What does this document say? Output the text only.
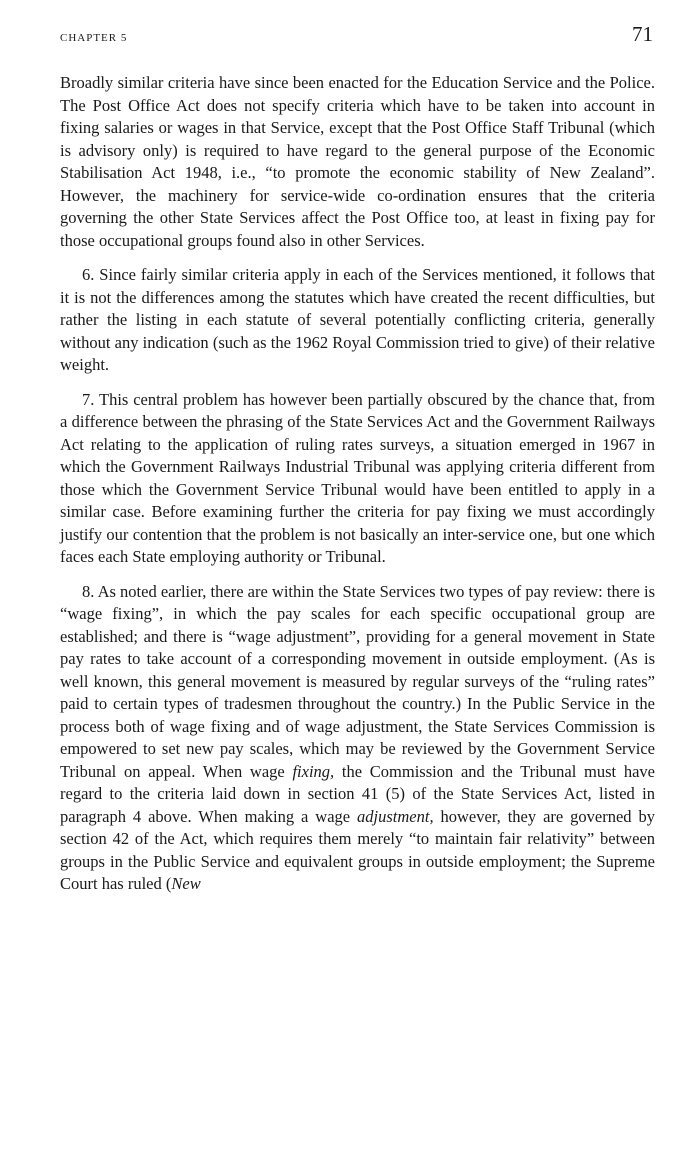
CHAPTER 5	71

Broadly similar criteria have since been enacted for the Education Service and the Police. The Post Office Act does not specify criteria which have to be taken into account in fixing salaries or wages in that Service, except that the Post Office Staff Tribunal (which is advisory only) is required to have regard to the general purpose of the Economic Stabilisation Act 1948, i.e., “to promote the economic stability of New Zealand”. However, the machinery for service-wide co-ordination ensures that the criteria governing the other State Services affect the Post Office too, at least in fixing pay for those occupational groups found also in other Services.

6. Since fairly similar criteria apply in each of the Services mentioned, it follows that it is not the differences among the statutes which have created the recent difficulties, but rather the listing in each statute of several potentially conflicting criteria, generally without any indication (such as the 1962 Royal Commission tried to give) of their relative weight.

7. This central problem has however been partially obscured by the chance that, from a difference between the phrasing of the State Services Act and the Government Railways Act relating to the application of ruling rates surveys, a situation emerged in 1967 in which the Government Railways Industrial Tribunal was applying criteria different from those which the Government Service Tribunal would have been entitled to apply in a similar case. Before examining further the criteria for pay fixing we must accordingly justify our contention that the problem is not basically an inter-service one, but one which faces each State employing authority or Tribunal.

8. As noted earlier, there are within the State Services two types of pay review: there is “wage fixing”, in which the pay scales for each specific occupational group are established; and there is “wage adjustment”, providing for a general movement in State pay rates to take account of a corresponding movement in outside employment. (As is well known, this general movement is measured by regular surveys of the “ruling rates” paid to certain types of tradesmen throughout the country.) In the Public Service in the process both of wage fixing and of wage adjustment, the State Services Commission is empowered to set new pay scales, which may be reviewed by the Government Service Tribunal on appeal. When wage fixing, the Commission and the Tribunal must have regard to the criteria laid down in section 41 (5) of the State Services Act, listed in paragraph 4 above. When making a wage adjustment, however, they are governed by section 42 of the Act, which requires them merely “to maintain fair relativity” between groups in the Public Service and equivalent groups in outside employment; the Supreme Court has ruled (New
